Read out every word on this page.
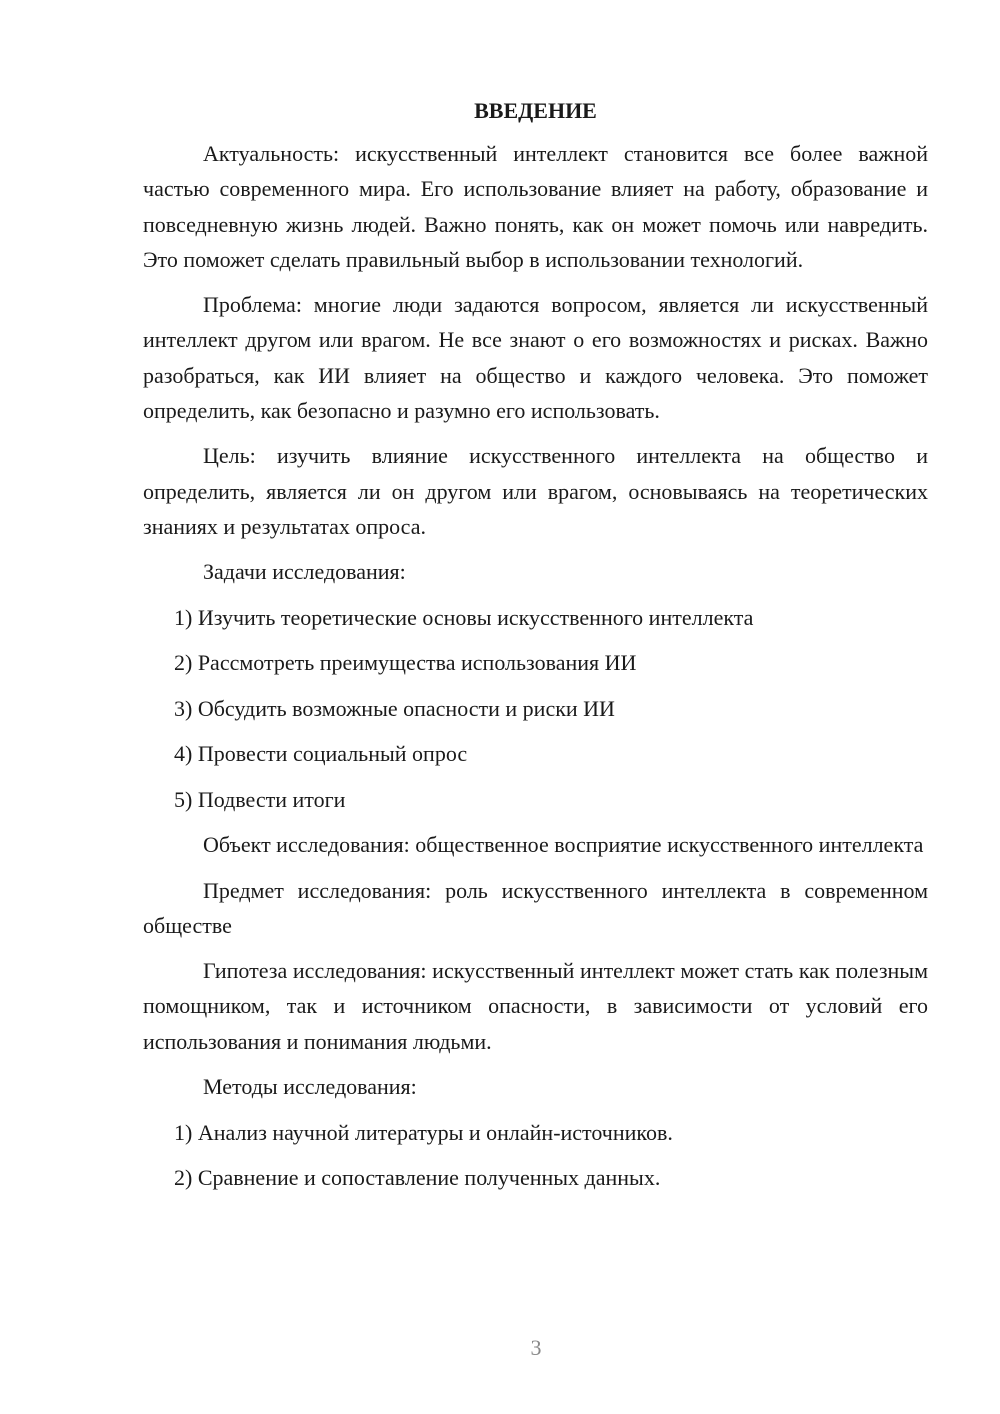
ВВЕДЕНИЕ

Актуальность: искусственный интеллект становится все более важной частью современного мира. Его использование влияет на работу, образование и повседневную жизнь людей. Важно понять, как он может помочь или навредить. Это поможет сделать правильный выбор в использовании технологий.

Проблема: многие люди задаются вопросом, является ли искусственный интеллект другом или врагом. Не все знают о его возможностях и рисках. Важно разобраться, как ИИ влияет на общество и каждого человека. Это поможет определить, как безопасно и разумно его использовать.

Цель: изучить влияние искусственного интеллекта на общество и определить, является ли он другом или врагом, основываясь на теоретических знаниях и результатах опроса.

Задачи исследования:

1) Изучить теоретические основы искусственного интеллекта

2) Рассмотреть преимущества использования ИИ

3) Обсудить возможные опасности и риски ИИ

4) Провести социальный опрос

5) Подвести итоги

Объект исследования: общественное восприятие искусственного интеллекта

Предмет исследования: роль искусственного интеллекта в современном обществе

Гипотеза исследования: искусственный интеллект может стать как полезным помощником, так и источником опасности, в зависимости от условий его использования и понимания людьми.

Методы исследования:

1) Анализ научной литературы и онлайн-источников.

2) Сравнение и сопоставление полученных данных.

3
